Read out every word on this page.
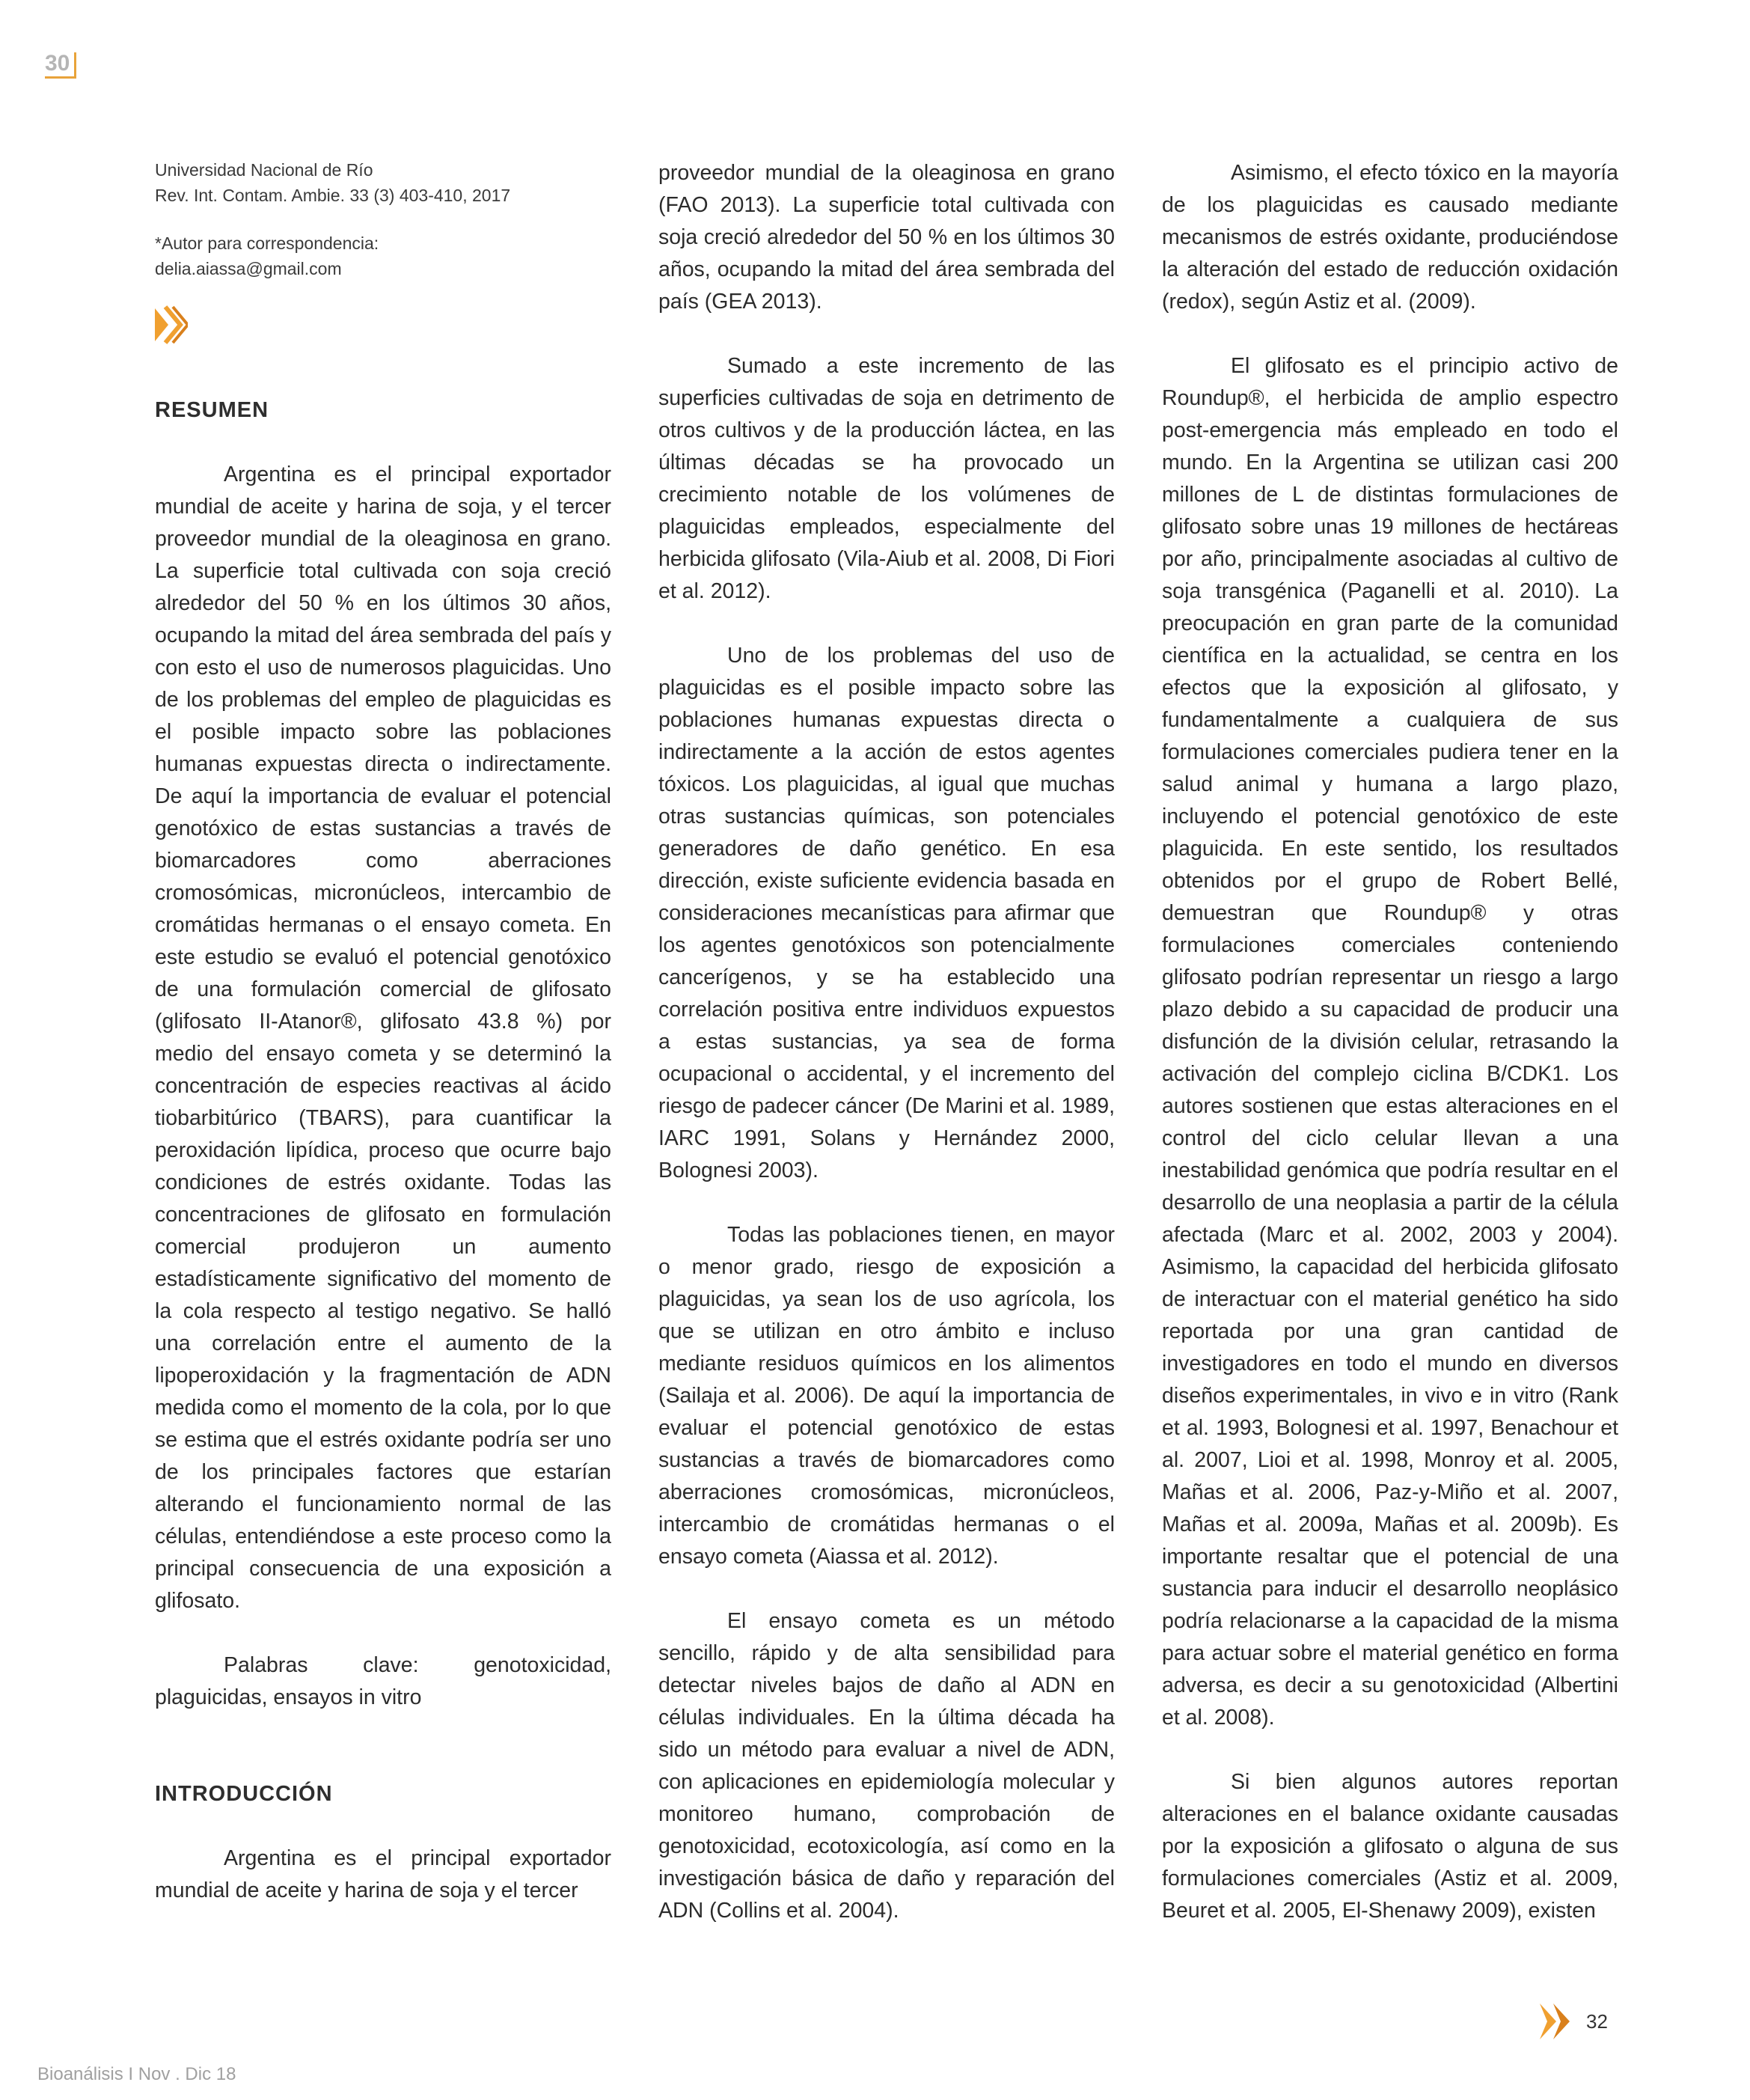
30
Universidad Nacional de Río
Rev. Int. Contam. Ambie. 33 (3) 403-410, 2017
*Autor para correspondencia:
delia.aiassa@gmail.com
RESUMEN

Argentina es el principal exportador mundial de aceite y harina de soja, y el tercer proveedor mundial de la oleaginosa en grano. La superficie total cultivada con soja creció alrededor del 50 % en los últimos 30 años, ocupando la mitad del área sembrada del país y con esto el uso de numerosos plaguicidas. Uno de los problemas del empleo de plaguicidas es el posible impacto sobre las poblaciones humanas expuestas directa o indirectamente. De aquí la importancia de evaluar el potencial genotóxico de estas sustancias a través de biomarcadores como aberraciones cromosómicas, micronúcleos, intercambio de cromátidas hermanas o el ensayo cometa. En este estudio se evaluó el potencial genotóxico de una formulación comercial de glifosato (glifosato II-Atanor®, glifosato 43.8 %) por medio del ensayo cometa y se determinó la concentración de especies reactivas al ácido tiobarbitúrico (TBARS), para cuantificar la peroxidación lipídica, proceso que ocurre bajo condiciones de estrés oxidante. Todas las concentraciones de glifosato en formulación comercial produjeron un aumento estadísticamente significativo del momento de la cola respecto al testigo negativo. Se halló una correlación entre el aumento de la lipoperoxidación y la fragmentación de ADN medida como el momento de la cola, por lo que se estima que el estrés oxidante podría ser uno de los principales factores que estarían alterando el funcionamiento normal de las células, entendiéndose a este proceso como la principal consecuencia de una exposición a glifosato.

Palabras clave: genotoxicidad, plaguicidas, ensayos in vitro

INTRODUCCIÓN

Argentina es el principal exportador mundial de aceite y harina de soja y el tercer

proveedor mundial de la oleaginosa en grano (FAO 2013). La superficie total cultivada con soja creció alrededor del 50 % en los últimos 30 años, ocupando la mitad del área sembrada del país (GEA 2013).

Sumado a este incremento de las superficies cultivadas de soja en detrimento de otros cultivos y de la producción láctea, en las últimas décadas se ha provocado un crecimiento notable de los volúmenes de plaguicidas empleados, especialmente del herbicida glifosato (Vila-Aiub et al. 2008, Di Fiori et al. 2012).

Uno de los problemas del uso de plaguicidas es el posible impacto sobre las poblaciones humanas expuestas directa o indirectamente a la acción de estos agentes tóxicos. Los plaguicidas, al igual que muchas otras sustancias químicas, son potenciales generadores de daño genético. En esa dirección, existe suficiente evidencia basada en consideraciones mecanísticas para afirmar que los agentes genotóxicos son potencialmente cancerígenos, y se ha establecido una correlación positiva entre individuos expuestos a estas sustancias, ya sea de forma ocupacional o accidental, y el incremento del riesgo de padecer cáncer (De Marini et al. 1989, IARC 1991, Solans y Hernández 2000, Bolognesi 2003).

Todas las poblaciones tienen, en mayor o menor grado, riesgo de exposición a plaguicidas, ya sean los de uso agrícola, los que se utilizan en otro ámbito e incluso mediante residuos químicos en los alimentos (Sailaja et al. 2006). De aquí la importancia de evaluar el potencial genotóxico de estas sustancias a través de biomarcadores como aberraciones cromosómicas, micronúcleos, intercambio de cromátidas hermanas o el ensayo cometa (Aiassa et al. 2012).

El ensayo cometa es un método sencillo, rápido y de alta sensibilidad para detectar niveles bajos de daño al ADN en células individuales. En la última década ha sido un método para evaluar a nivel de ADN, con aplicaciones en epidemiología molecular y monitoreo humano, comprobación de genotoxicidad, ecotoxicología, así como en la investigación básica de daño y reparación del ADN (Collins et al. 2004).

Asimismo, el efecto tóxico en la mayoría de los plaguicidas es causado mediante mecanismos de estrés oxidante, produciéndose la alteración del estado de reducción oxidación (redox), según Astiz et al. (2009).

El glifosato es el principio activo de Roundup®, el herbicida de amplio espectro post-emergencia más empleado en todo el mundo. En la Argentina se utilizan casi 200 millones de L de distintas formulaciones de glifosato sobre unas 19 millones de hectáreas por año, principalmente asociadas al cultivo de soja transgénica (Paganelli et al. 2010). La preocupación en gran parte de la comunidad científica en la actualidad, se centra en los efectos que la exposición al glifosato, y fundamentalmente a cualquiera de sus formulaciones comerciales pudiera tener en la salud animal y humana a largo plazo, incluyendo el potencial genotóxico de este plaguicida. En este sentido, los resultados obtenidos por el grupo de Robert Bellé, demuestran que Roundup® y otras formulaciones comerciales conteniendo glifosato podrían representar un riesgo a largo plazo debido a su capacidad de producir una disfunción de la división celular, retrasando la activación del complejo ciclina B/CDK1. Los autores sostienen que estas alteraciones en el control del ciclo celular llevan a una inestabilidad genómica que podría resultar en el desarrollo de una neoplasia a partir de la célula afectada (Marc et al. 2002, 2003 y 2004). Asimismo, la capacidad del herbicida glifosato de interactuar con el material genético ha sido reportada por una gran cantidad de investigadores en todo el mundo en diversos diseños experimentales, in vivo e in vitro (Rank et al. 1993, Bolognesi et al. 1997, Benachour et al. 2007, Lioi et al. 1998, Monroy et al. 2005, Mañas et al. 2006, Paz-y-Miño et al. 2007, Mañas et al. 2009a, Mañas et al. 2009b). Es importante resaltar que el potencial de una sustancia para inducir el desarrollo neoplásico podría relacionarse a la capacidad de la misma para actuar sobre el material genético en forma adversa, es decir a su genotoxicidad (Albertini et al. 2008).

Si bien algunos autores reportan alteraciones en el balance oxidante causadas por la exposición a glifosato o alguna de sus formulaciones comerciales (Astiz et al. 2009, Beuret et al. 2005, El-Shenawy 2009), existen

Bioanálisis I Nov . Dic 18
32
